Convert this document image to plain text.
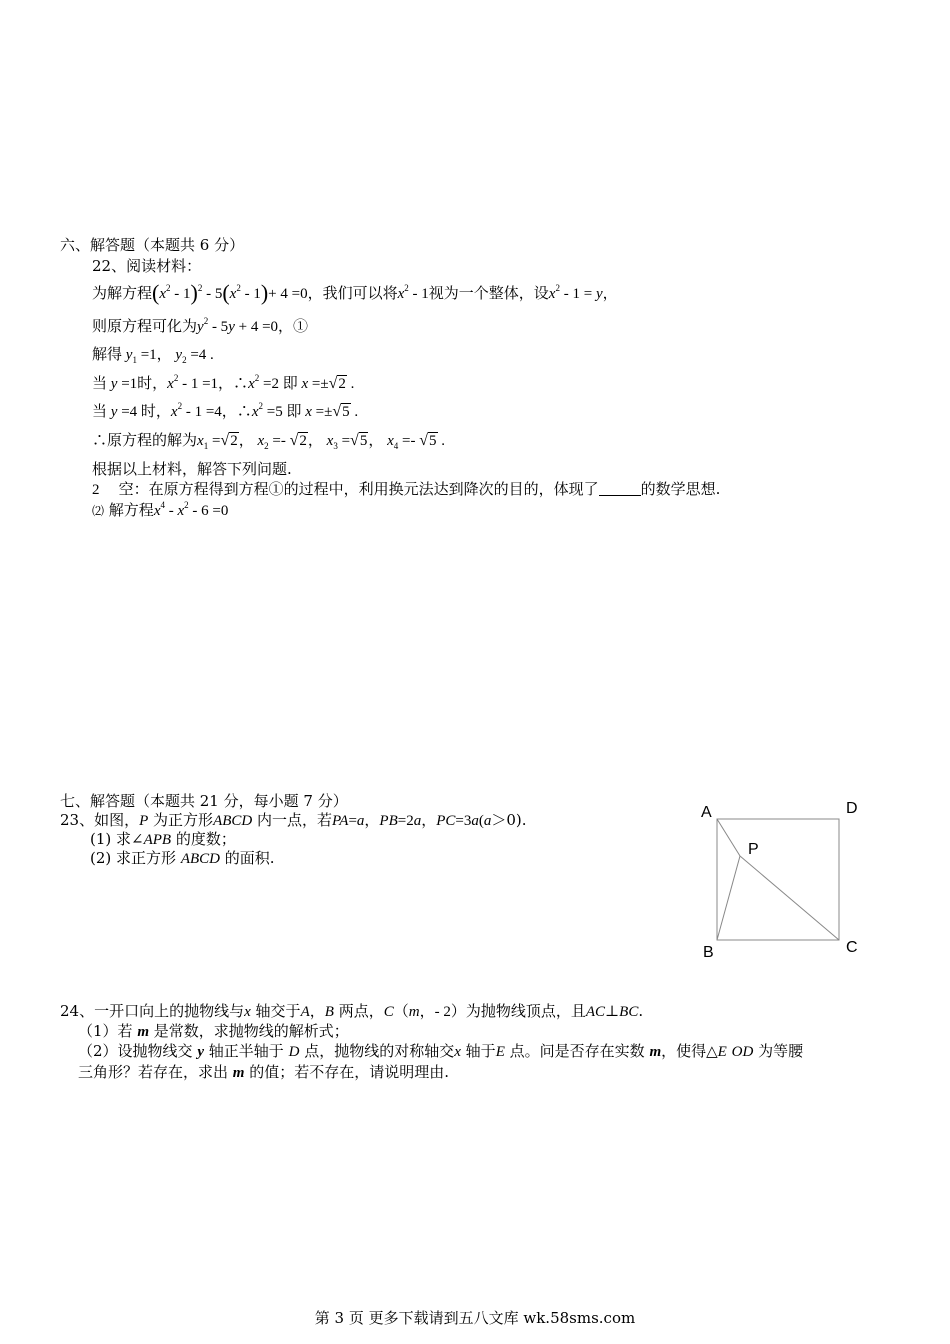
六、解答题（本题共 6 分）
22、阅读材料：
为解方程$(x^2 - 1)^2 - 5(x^2 - 1)+ 4 =0$，我们可以将$x^2 - 1$视为一个整体，设$x^2 - 1 = y$，
则原方程可化为$y^2 - 5y + 4 =0$，①
解得 $y_1 =1$， $y_2 =4$ .
当 y =1时，$x^2 - 1 =1$，$\therefore x^2 =2$ 即 x =±√2 .
当 y =4 时，$x^2 - 1 =4$，$\therefore x^2 =5$ 即 x =±√5 .
∴原方程的解为$x_1 =√2$， $x_2 =- √2$， $x_3 =√5$， $x_4 =- √5$ .
根据以上材料，解答下列问题.
2 空：在原方程得到方程①的过程中，利用换元法达到降次的目的，体现了	的数学思想.
⑵ 解方程$x^4 - x^2 - 6 =0$
七、解答题（本题共 21 分，每小题 7 分）
23、如图，P 为正方形ABCD 内一点，若PA=a，PB=2a，PC=3a(a＞0).
(1) 求∠APB 的度数；
(2) 求正方形 ABCD 的面积.
A	D
P
B	C
24、一开口向上的抛物线与x 轴交于A，B 两点，C（m，- 2）为抛物线顶点，且AC⊥BC.
（1）若 m 是常数，求抛物线的解析式；
（2）设抛物线交 y 轴正半轴于 D 点，抛物线的对称轴交x 轴于E 点。问是否存在实数 m，使得△E OD 为等腰
三角形？若存在，求出 m 的值；若不存在，请说明理由.
第 3 页 更多下载请到五八文库 wk.58sms.com
